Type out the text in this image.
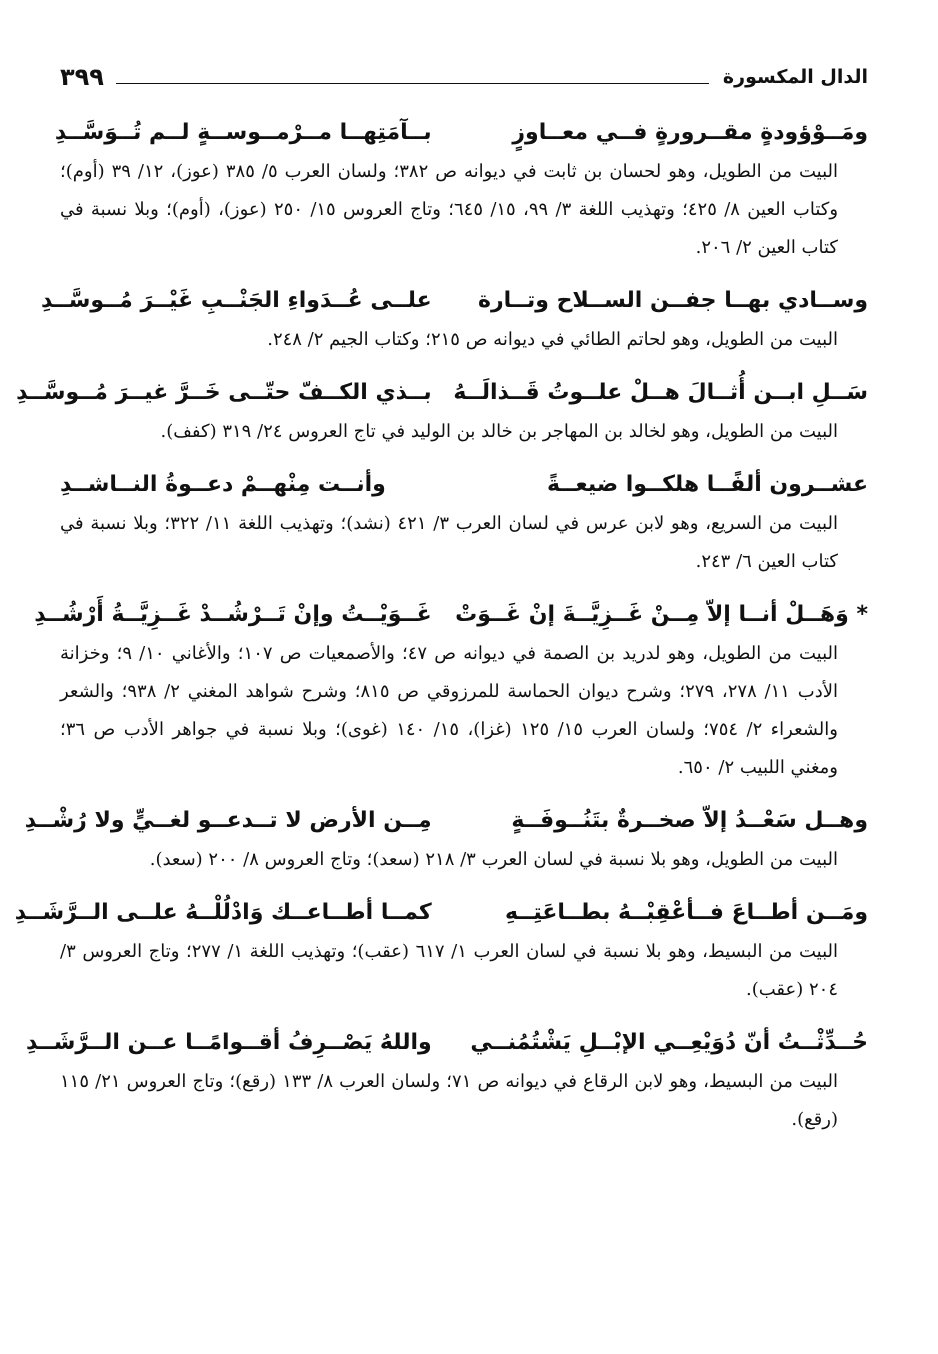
الدال المكسورة
٣٩٩
ومَــوْؤودةٍ مقــرورةٍ فــي معــاوزٍ
بــآمَتِهــا مــرْمــوســةٍ لــم تُــوَسَّــدِ

البيت من الطويل، وهو لحسان بن ثابت في ديوانه ص ٣٨٢؛ ولسان العرب ٥/ ٣٨٥ (عوز)، ١٢/ ٣٩ (أوم)؛ وكتاب العين ٨/ ٤٢٥؛ وتهذيب اللغة ٣/ ٩٩، ١٥/ ٦٤٥؛ وتاج العروس ١٥/ ٢٥٠ (عوز)، (أوم)؛ وبلا نسبة في كتاب العين ٢/ ٢٠٦.

وســادي بهــا جفــن الســلاح وتــارة
علــى عُــدَواءِ الجَنْــبِ غَيْــرَ مُــوسَّــدِ

البيت من الطويل، وهو لحاتم الطائي في ديوانه ص ٢١٥؛ وكتاب الجيم ٢/ ٢٤٨.

سَــلِ ابــن أُثــالَ هــلْ علــوتُ قَــذالَــهُ
بــذي الكــفّ حتّــى خَــرَّ غيــرَ مُــوسَّــدِ

البيت من الطويل، وهو لخالد بن المهاجر بن خالد بن الوليد في تاج العروس ٢٤/ ٣١٩ (كفف).

عشــرون ألفًــا هلكــوا ضيعــةً
وأنــت مِنْهــمْ دعــوةُ النــاشــدِ

البيت من السريع، وهو لابن عرس في لسان العرب ٣/ ٤٢١ (نشد)؛ وتهذيب اللغة ١١/ ٣٢٢؛ وبلا نسبة في كتاب العين ٦/ ٢٤٣.

* وَهَــلْ أنــا إلاّ مِــنْ غَــزِيَّــةَ إنْ غَــوَتْ
غَــوَيْــتُ وإنْ تَــرْشُــدْ غَــزِيَّــةُ أَرْشُــدِ

البيت من الطويل، وهو لدريد بن الصمة في ديوانه ص ٤٧؛ والأصمعيات ص ١٠٧؛ والأغاني ١٠/ ٩؛ وخزانة الأدب ١١/ ٢٧٨، ٢٧٩؛ وشرح ديوان الحماسة للمرزوقي ص ٨١٥؛ وشرح شواهد المغني ٢/ ٩٣٨؛ والشعر والشعراء ٢/ ٧٥٤؛ ولسان العرب ١٥/ ١٢٥ (غزا)، ١٥/ ١٤٠ (غوى)؛ وبلا نسبة في جواهر الأدب ص ٣٦؛ ومغني اللبيب ٢/ ٦٥٠.

وهــل سَعْــدُ إلاّ صخــرةٌ بتَنُــوفَــةٍ
مِــن الأرض لا تــدعــو لغــيٍّ ولا رُشْــدِ

البيت من الطويل، وهو بلا نسبة في لسان العرب ٣/ ٢١٨ (سعد)؛ وتاج العروس ٨/ ٢٠٠ (سعد).

ومَــن أطــاعَ فــأعْقِبْــهُ بطــاعَتِــهِ
كمــا أطــاعــك وَادْلُلْــهُ علــى الــرَّشَــدِ

البيت من البسيط، وهو بلا نسبة في لسان العرب ١/ ٦١٧ (عقب)؛ وتهذيب اللغة ١/ ٢٧٧؛ وتاج العروس ٣/ ٢٠٤ (عقب).

حُــدِّثْــتُ أنّ دُوَيْعِــي الإبْــلِ يَشْتُمُنــي
واللهُ يَصْــرِفُ أقــوامًــا عــن الــرَّشَــدِ

البيت من البسيط، وهو لابن الرقاع في ديوانه ص ٧١؛ ولسان العرب ٨/ ١٣٣ (رقع)؛ وتاج العروس ٢١/ ١١٥ (رقع).
